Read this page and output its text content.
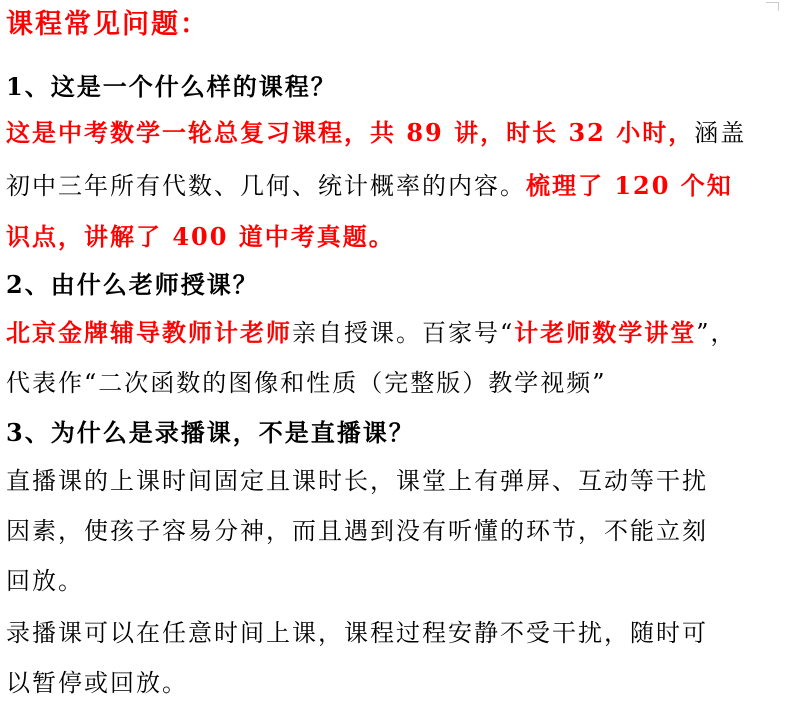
课程常见问题：
1、这是一个什么样的课程？
这是中考数学一轮总复习课程，共 89 讲，时长 32 小时，涵盖
初中三年所有代数、几何、统计概率的内容。梳理了 120 个知
识点，讲解了 400 道中考真题。
2、由什么老师授课？
北京金牌辅导教师计老师亲自授课。百家号“计老师数学讲堂”，
代表作“二次函数的图像和性质（完整版）教学视频”
3、为什么是录播课，不是直播课？
直播课的上课时间固定且课时长，课堂上有弹屏、互动等干扰
因素，使孩子容易分神，而且遇到没有听懂的环节，不能立刻
回放。
录播课可以在任意时间上课，课程过程安静不受干扰，随时可
以暂停或回放。
